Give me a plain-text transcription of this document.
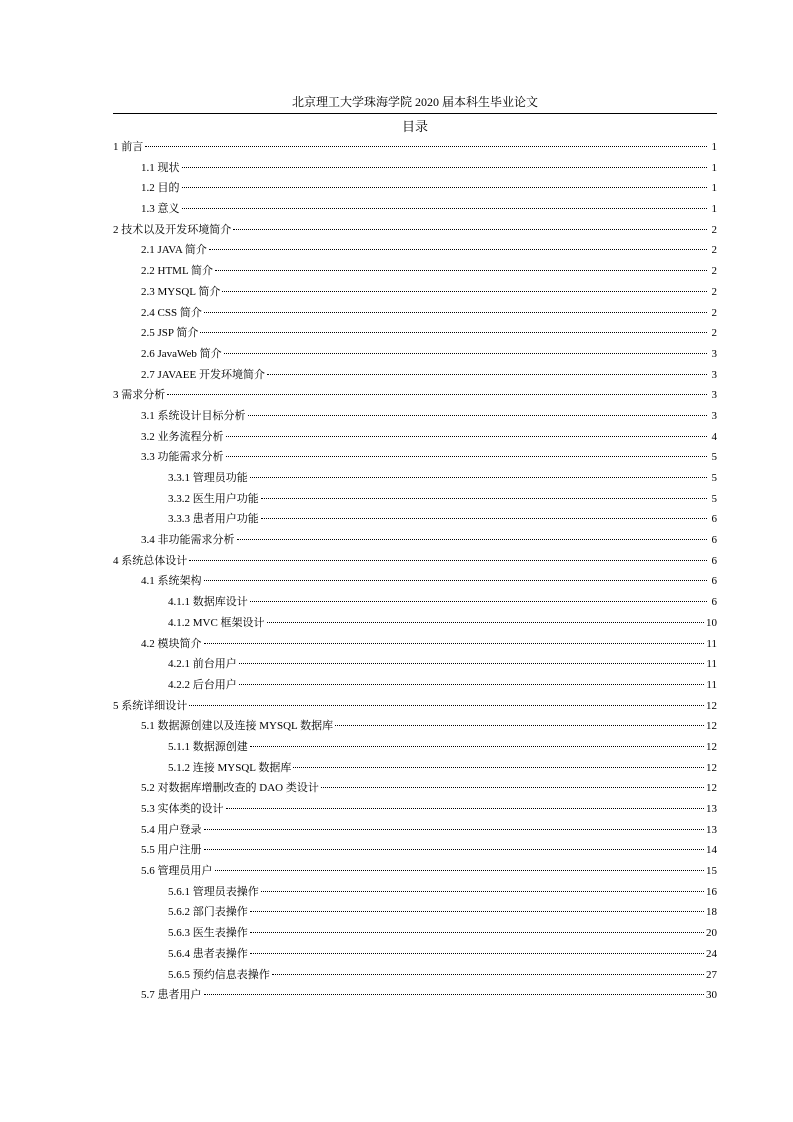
北京理工大学珠海学院 2020 届本科生毕业论文
目录
1 前言	1
1.1 现状	1
1.2 目的	1
1.3 意义	1
2 技术以及开发环境简介	2
2.1 JAVA 简介	2
2.2 HTML 简介	2
2.3 MYSQL 简介	2
2.4 CSS 简介	2
2.5 JSP 简介	2
2.6 JavaWeb 简介	3
2.7 JAVAEE 开发环境简介	3
3 需求分析	3
3.1 系统设计目标分析	3
3.2 业务流程分析	4
3.3 功能需求分析	5
3.3.1 管理员功能	5
3.3.2 医生用户功能	5
3.3.3 患者用户功能	6
3.4 非功能需求分析	6
4 系统总体设计	6
4.1 系统架构	6
4.1.1 数据库设计	6
4.1.2 MVC 框架设计	10
4.2 模块简介	11
4.2.1 前台用户	11
4.2.2 后台用户	11
5 系统详细设计	12
5.1 数据源创建以及连接 MYSQL 数据库	12
5.1.1 数据源创建	12
5.1.2 连接 MYSQL 数据库	12
5.2 对数据库增删改查的 DAO 类设计	12
5.3 实体类的设计	13
5.4 用户登录	13
5.5 用户注册	14
5.6 管理员用户	15
5.6.1 管理员表操作	16
5.6.2 部门表操作	18
5.6.3 医生表操作	20
5.6.4 患者表操作	24
5.6.5 预约信息表操作	27
5.7 患者用户	30
